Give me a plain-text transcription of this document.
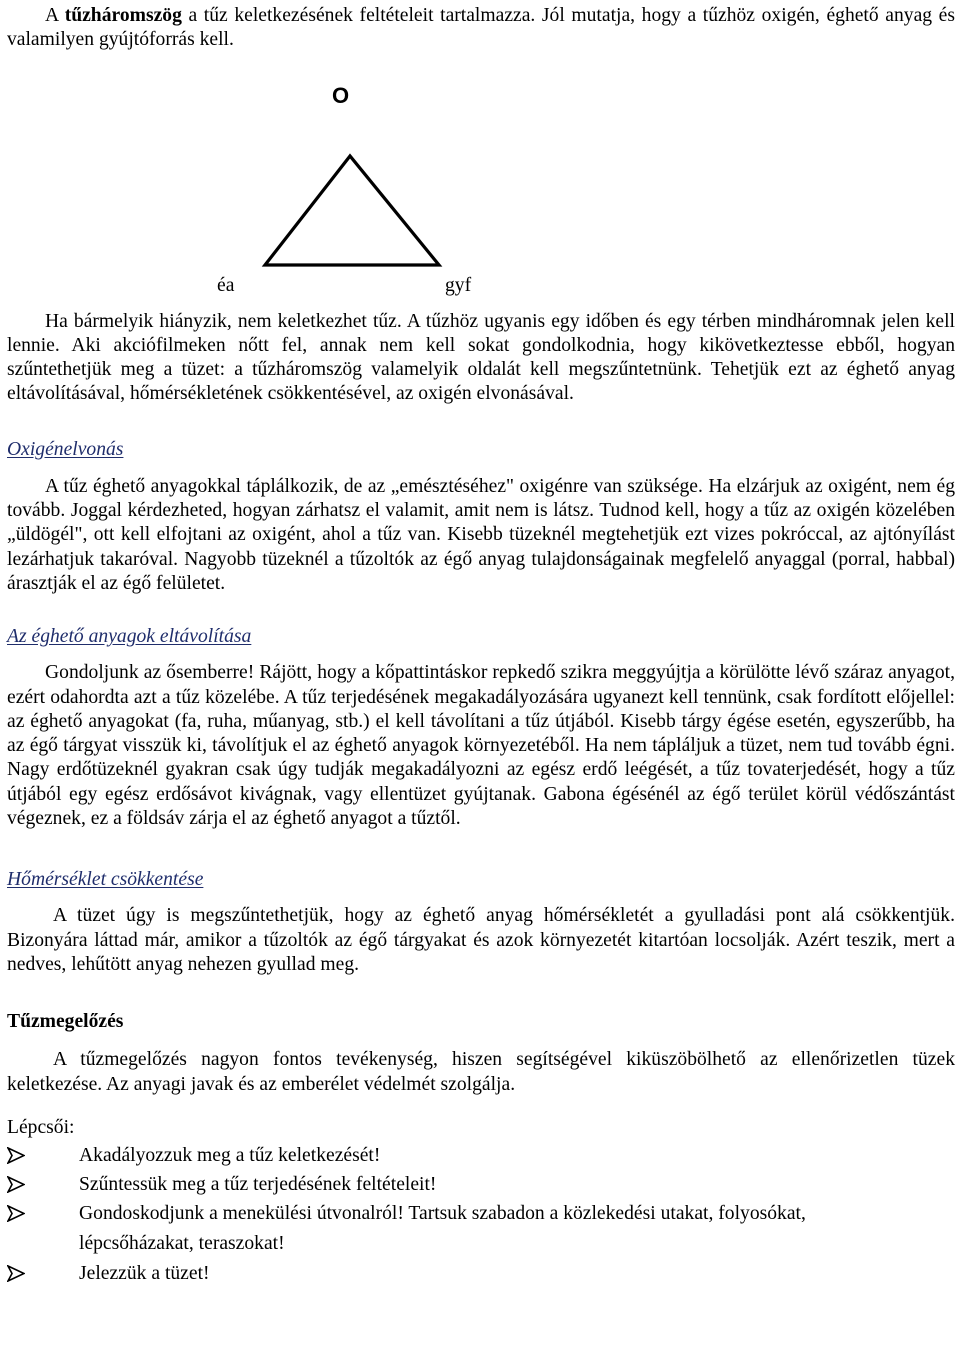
A tűzháromszög a tűz keletkezésének feltételeit tartalmazza. Jól mutatja, hogy a tűzhöz oxigén, éghető anyag és valamilyen gyújtóforrás kell.

O
éa	gyf

Ha bármelyik hiányzik, nem keletkezhet tűz. A tűzhöz ugyanis egy időben és egy térben mindháromnak jelen kell lennie. Aki akciófilmeken nőtt fel, annak nem kell sokat gondolkodnia, hogy kikövetkeztesse ebből, hogyan szűntethetjük meg a tüzet: a tűzháromszög valamelyik oldalát kell megszűntetnünk. Tehetjük ezt az éghető anyag eltávolításával, hőmérsékletének csökkentésével, az oxigén elvonásával.

Oxigénelvonás

A tűz éghető anyagokkal táplálkozik, de az „emésztéséhez" oxigénre van szüksége. Ha elzárjuk az oxigént, nem ég tovább. Joggal kérdezheted, hogyan zárhatsz el valamit, amit nem is látsz. Tudnod kell, hogy a tűz az oxigén közelében „üldögél", ott kell elfojtani az oxigént, ahol a tűz van. Kisebb tüzeknél megtehetjük ezt vizes pokróccal, az ajtónyílást lezárhatjuk takaróval. Nagyobb tüzeknél a tűzoltók az égő anyag tulajdonságainak megfelelő anyaggal (porral, habbal) árasztják el az égő felületet.

Az éghető anyagok eltávolítása

Gondoljunk az ősemberre! Rájött, hogy a kőpattintáskor repkedő szikra meggyújtja a körülötte lévő száraz anyagot, ezért odahordta azt a tűz közelébe. A tűz terjedésének megakadályozására ugyanezt kell tennünk, csak fordított előjellel: az éghető anyagokat (fa, ruha, műanyag, stb.) el kell távolítani a tűz útjából. Kisebb tárgy égése esetén, egyszerűbb, ha az égő tárgyat visszük ki, távolítjuk el az éghető anyagok környezetéből. Ha nem tápláljuk a tüzet, nem tud tovább égni. Nagy erdőtüzeknél gyakran csak úgy tudják megakadályozni az egész erdő leégését, a tűz tovaterjedését, hogy a tűz útjából egy egész erdősávot kivágnak, vagy ellentüzet gyújtanak. Gabona égésénél az égő terület körül védőszántást végeznek, ez a földsáv zárja el az éghető anyagot a tűztől.

Hőmérséklet csökkentése

A tüzet úgy is megszűntethetjük, hogy az éghető anyag hőmérsékletét a gyulladási pont alá csökkentjük. Bizonyára láttad már, amikor a tűzoltók az égő tárgyakat és azok környezetét kitartóan locsolják. Azért teszik, mert a nedves, lehűtött anyag nehezen gyullad meg.

Tűzmegelőzés

A tűzmegelőzés nagyon fontos tevékenység, hiszen segítségével kiküszöbölhető az ellenőrizetlen tüzek keletkezése. Az anyagi javak és az emberélet védelmét szolgálja.

Lépcsői:

Akadályozzuk meg a tűz keletkezését!
Szűntessük meg a tűz terjedésének feltételeit!
Gondoskodjunk a menekülési útvonalról! Tartsuk szabadon a közlekedési utakat, folyosókat, lépcsőházakat, teraszokat!
Jelezzük a tüzet!
